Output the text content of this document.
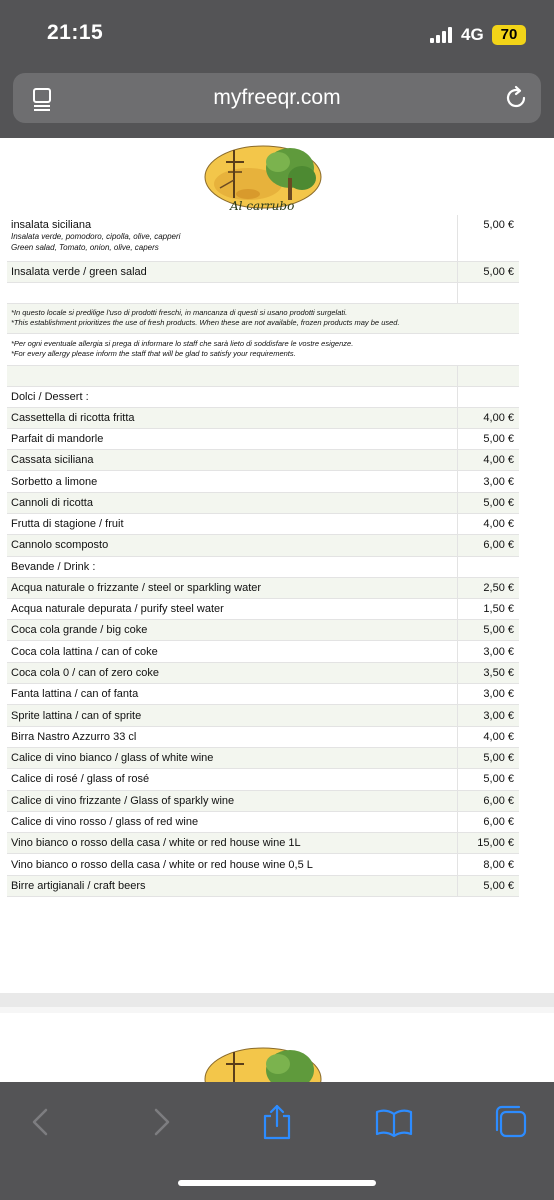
21:15	4G	70
myfreeqr.com
Al carrubo
insalata siciliana
Insalata verde, pomodoro, cipolla, olive, capperi
Green salad, Tomato, onion, olive, capers	5,00 €
Insalata verde / green salad	5,00 €

*In questo locale si predilige l'uso di prodotti freschi, in mancanza di questi si usano prodotti surgelati.
*This establishment prioritizes the use of fresh products. When these are not available, frozen products may be used.	

*Per ogni eventuale allergia si prega di informare lo staff che sarà lieto di soddisfare le vostre esigenze.
*For every allergy please inform the staff that will be glad to satisfy your requirements.	

Dolci / Dessert :	
Cassettella di ricotta fritta	4,00 €
Parfait di mandorle	5,00 €
Cassata siciliana	4,00 €
Sorbetto a limone	3,00 €
Cannoli di ricotta	5,00 €
Frutta di stagione / fruit	4,00 €
Cannolo scomposto	6,00 €
Bevande / Drink :	
Acqua naturale o frizzante / steel or sparkling water	2,50 €
Acqua naturale depurata / purify steel water	1,50 €
Coca cola grande / big coke	5,00 €
Coca cola lattina / can of coke	3,00 €
Coca cola 0 / can of zero coke	3,50 €
Fanta lattina / can of fanta	3,00 €
Sprite lattina / can of sprite	3,00 €
Birra Nastro Azzurro 33 cl	4,00 €
Calice di vino bianco / glass of white wine	5,00 €
Calice di rosé / glass of rosé	5,00 €
Calice di vino frizzante / Glass of sparkly wine	6,00 €
Calice di vino rosso / glass of red wine	6,00 €
Vino bianco o rosso della casa / white or red house wine 1L	15,00 €
Vino bianco o rosso della casa / white or red house wine 0,5 L	8,00 €
Birre artigianali / craft beers	5,00 €
